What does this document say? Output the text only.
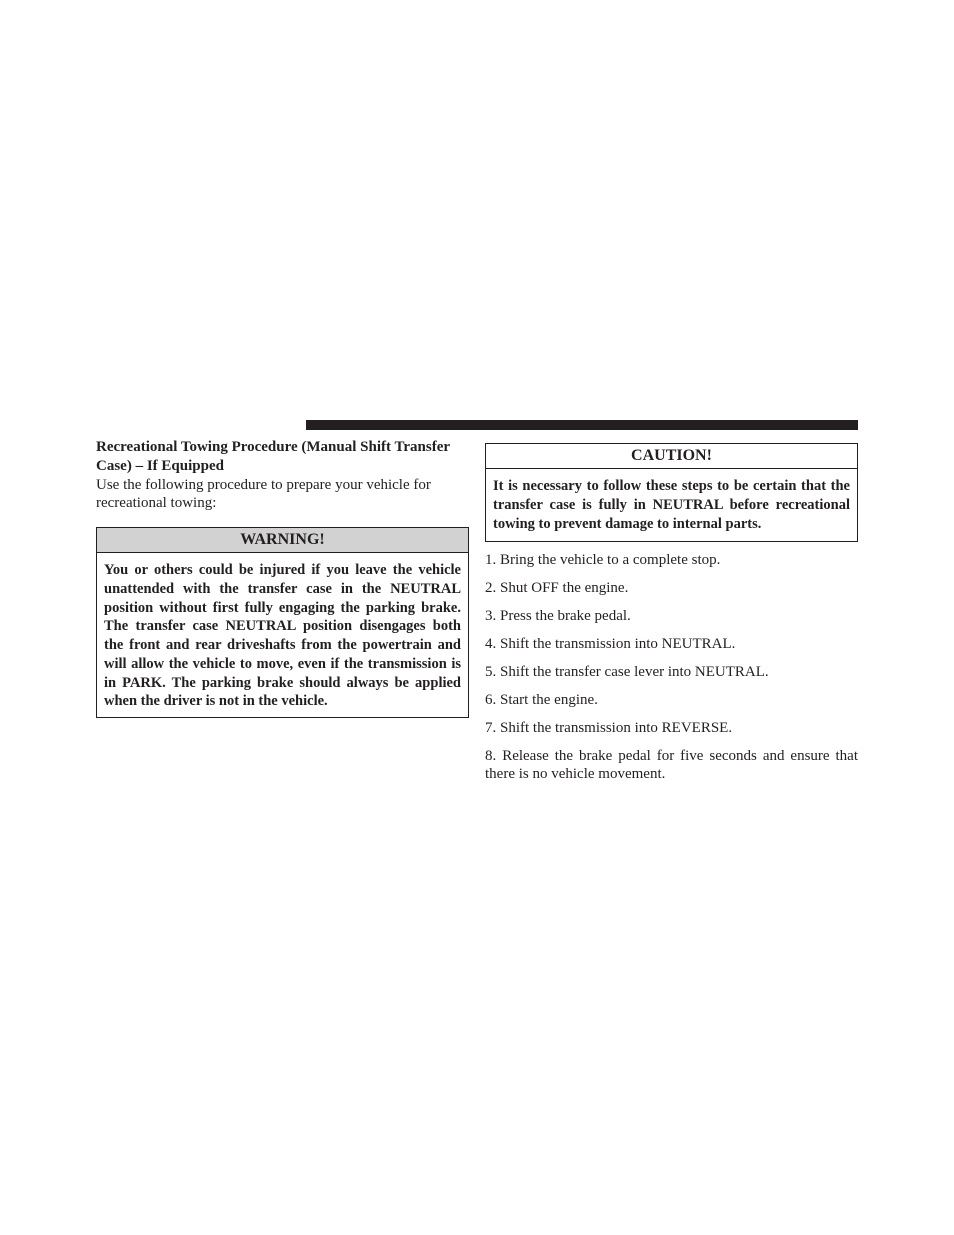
Recreational Towing Procedure (Manual Shift Transfer Case) – If Equipped

Use the following procedure to prepare your vehicle for recreational towing:

WARNING!
You or others could be injured if you leave the vehicle unattended with the transfer case in the NEUTRAL position without first fully engaging the parking brake. The transfer case NEUTRAL position disengages both the front and rear driveshafts from the powertrain and will allow the vehicle to move, even if the transmission is in PARK. The parking brake should always be applied when the driver is not in the vehicle.
CAUTION!
It is necessary to follow these steps to be certain that the transfer case is fully in NEUTRAL before recreational towing to prevent damage to internal parts.
1. Bring the vehicle to a complete stop.
2. Shut OFF the engine.
3. Press the brake pedal.
4. Shift the transmission into NEUTRAL.
5. Shift the transfer case lever into NEUTRAL.
6. Start the engine.
7. Shift the transmission into REVERSE.
8. Release the brake pedal for five seconds and ensure that there is no vehicle movement.
